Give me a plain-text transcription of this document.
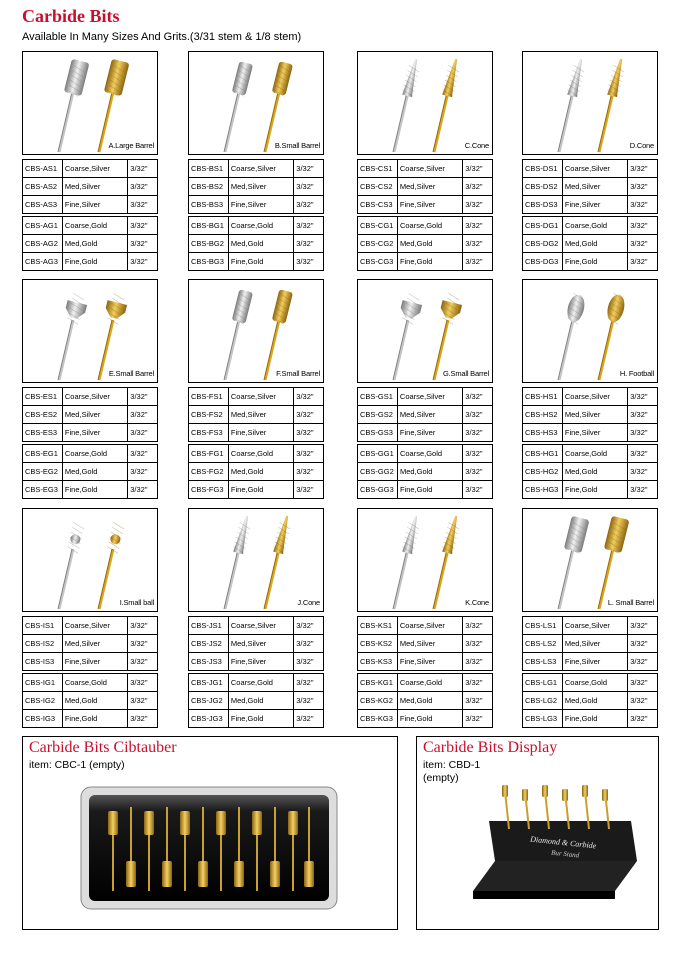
Carbide Bits
Available In Many Sizes And Grits.(3/31 stem & 1/8 stem)
A.Large Barrel
CBS-AS1	Coarse,Silver	3/32"
CBS-AS2	Med,Silver	3/32"
CBS-AS3	Fine,Silver	3/32"
CBS-AG1	Coarse,Gold	3/32"
CBS-AG2	Med,Gold	3/32"
CBS-AG3	Fine,Gold	3/32"
B.Small Barrel
CBS-BS1	Coarse,Silver	3/32"
CBS-BS2	Med,Silver	3/32"
CBS-BS3	Fine,Silver	3/32"
CBS-BG1	Coarse,Gold	3/32"
CBS-BG2	Med,Gold	3/32"
CBS-BG3	Fine,Gold	3/32"
C.Cone
CBS-CS1	Coarse,Silver	3/32"
CBS-CS2	Med,Silver	3/32"
CBS-CS3	Fine,Silver	3/32"
CBS-CG1	Coarse,Gold	3/32"
CBS-CG2	Med,Gold	3/32"
CBS-CG3	Fine,Gold	3/32"
D.Cone
CBS-DS1	Coarse,Silver	3/32"
CBS-DS2	Med,Silver	3/32"
CBS-DS3	Fine,Silver	3/32"
CBS-DG1	Coarse,Gold	3/32"
CBS-DG2	Med,Gold	3/32"
CBS-DG3	Fine,Gold	3/32"
E.Small Barrel
CBS-ES1	Coarse,Silver	3/32"
CBS-ES2	Med,Silver	3/32"
CBS-ES3	Fine,Silver	3/32"
CBS-EG1	Coarse,Gold	3/32"
CBS-EG2	Med,Gold	3/32"
CBS-EG3	Fine,Gold	3/32"
F.Small Barrel
CBS-FS1	Coarse,Silver	3/32"
CBS-FS2	Med,Silver	3/32"
CBS-FS3	Fine,Silver	3/32"
CBS-FG1	Coarse,Gold	3/32"
CBS-FG2	Med,Gold	3/32"
CBS-FG3	Fine,Gold	3/32"
G.Small Barrel
CBS-GS1	Coarse,Silver	3/32"
CBS-GS2	Med,Silver	3/32"
CBS-GS3	Fine,Silver	3/32"
CBS-GG1	Coarse,Gold	3/32"
CBS-GG2	Med,Gold	3/32"
CBS-GG3	Fine,Gold	3/32"
H. Football
CBS-HS1	Coarse,Silver	3/32"
CBS-HS2	Med,Silver	3/32"
CBS-HS3	Fine,Silver	3/32"
CBS-HG1	Coarse,Gold	3/32"
CBS-HG2	Med,Gold	3/32"
CBS-HG3	Fine,Gold	3/32"
I.Small ball
CBS-IS1	Coarse,Silver	3/32"
CBS-IS2	Med,Silver	3/32"
CBS-IS3	Fine,Silver	3/32"
CBS-IG1	Coarse,Gold	3/32"
CBS-IG2	Med,Gold	3/32"
CBS-IG3	Fine,Gold	3/32"
J.Cone
CBS-JS1	Coarse,Silver	3/32"
CBS-JS2	Med,Silver	3/32"
CBS-JS3	Fine,Silver	3/32"
CBS-JG1	Coarse,Gold	3/32"
CBS-JG2	Med,Gold	3/32"
CBS-JG3	Fine,Gold	3/32"
K.Cone
CBS-KS1	Coarse,Silver	3/32"
CBS-KS2	Med,Silver	3/32"
CBS-KS3	Fine,Silver	3/32"
CBS-KG1	Coarse,Gold	3/32"
CBS-KG2	Med,Gold	3/32"
CBS-KG3	Fine,Gold	3/32"
L. Small Barrel
CBS-LS1	Coarse,Silver	3/32"
CBS-LS2	Med,Silver	3/32"
CBS-LS3	Fine,Silver	3/32"
CBS-LG1	Coarse,Gold	3/32"
CBS-LG2	Med,Gold	3/32"
CBS-LG3	Fine,Gold	3/32"
Carbide Bits Cibtauber
item: CBC-1 (empty)
Carbide Bits Display
item: CBD-1
(empty)
Diamond & Carbide
Bur Stand
